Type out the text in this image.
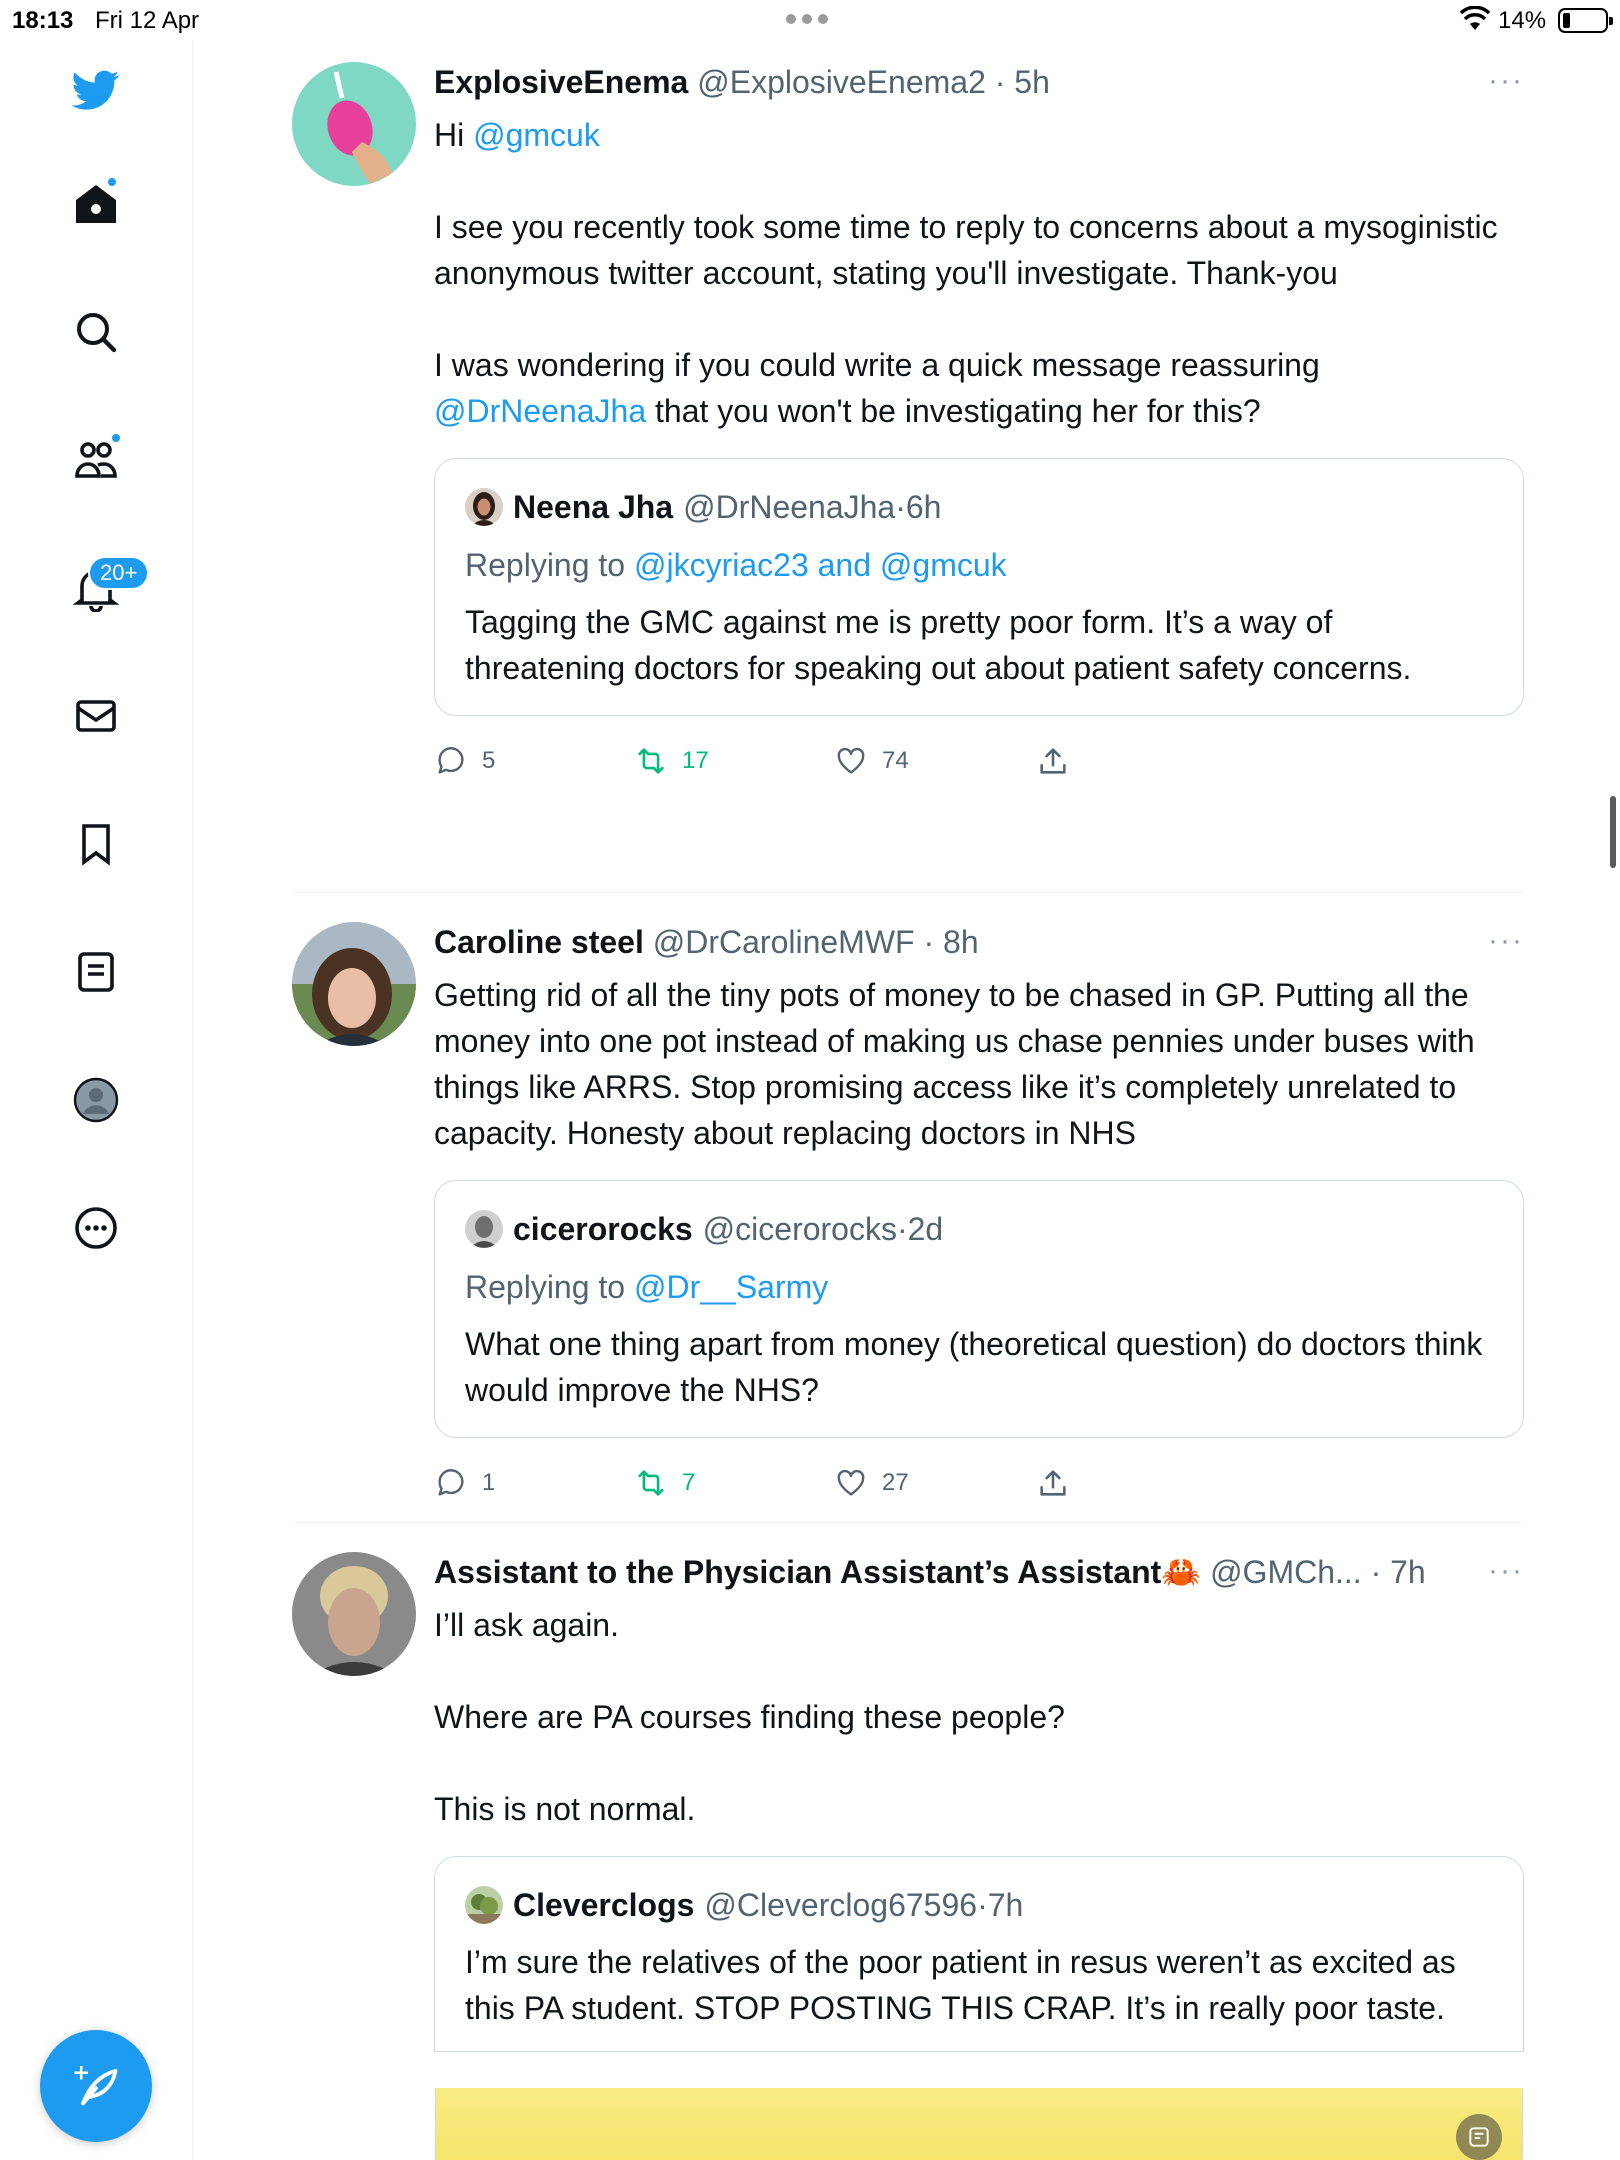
18:13 Fri 12 Apr	14%
20+
+
ExplosiveEnema @ExplosiveEnema2 · 5h	···

Hi @gmcuk

I see you recently took some time to reply to concerns about a mysoginistic anonymous twitter account, stating you'll investigate. Thank-you

I was wondering if you could write a quick message reassuring @DrNeenaJha that you won't be investigating her for this?

Neena Jha @DrNeenaJha · 6h
Replying to @jkcyriac23 and @gmcuk
Tagging the GMC against me is pretty poor form. It’s a way of threatening doctors for speaking out about patient safety concerns.
5	17	74
Caroline steel @DrCarolineMWF · 8h	···
Getting rid of all the tiny pots of money to be chased in GP. Putting all the money into one pot instead of making us chase pennies under buses with things like ARRS. Stop promising access like it’s completely unrelated to capacity. Honesty about replacing doctors in NHS
cicerorocks @cicerorocks · 2d
Replying to @Dr__Sarmy
What one thing apart from money (theoretical question) do doctors think would improve the NHS?
1	7	27
Assistant to the Physician Assistant’s Assistant🦀 @GMCh... · 7h	···

I’ll ask again.

Where are PA courses finding these people?

This is not normal.

Cleverclogs @Cleverclog67596 · 7h
I’m sure the relatives of the poor patient in resus weren’t as excited as this PA student. STOP POSTING THIS CRAP. It’s in really poor taste.
